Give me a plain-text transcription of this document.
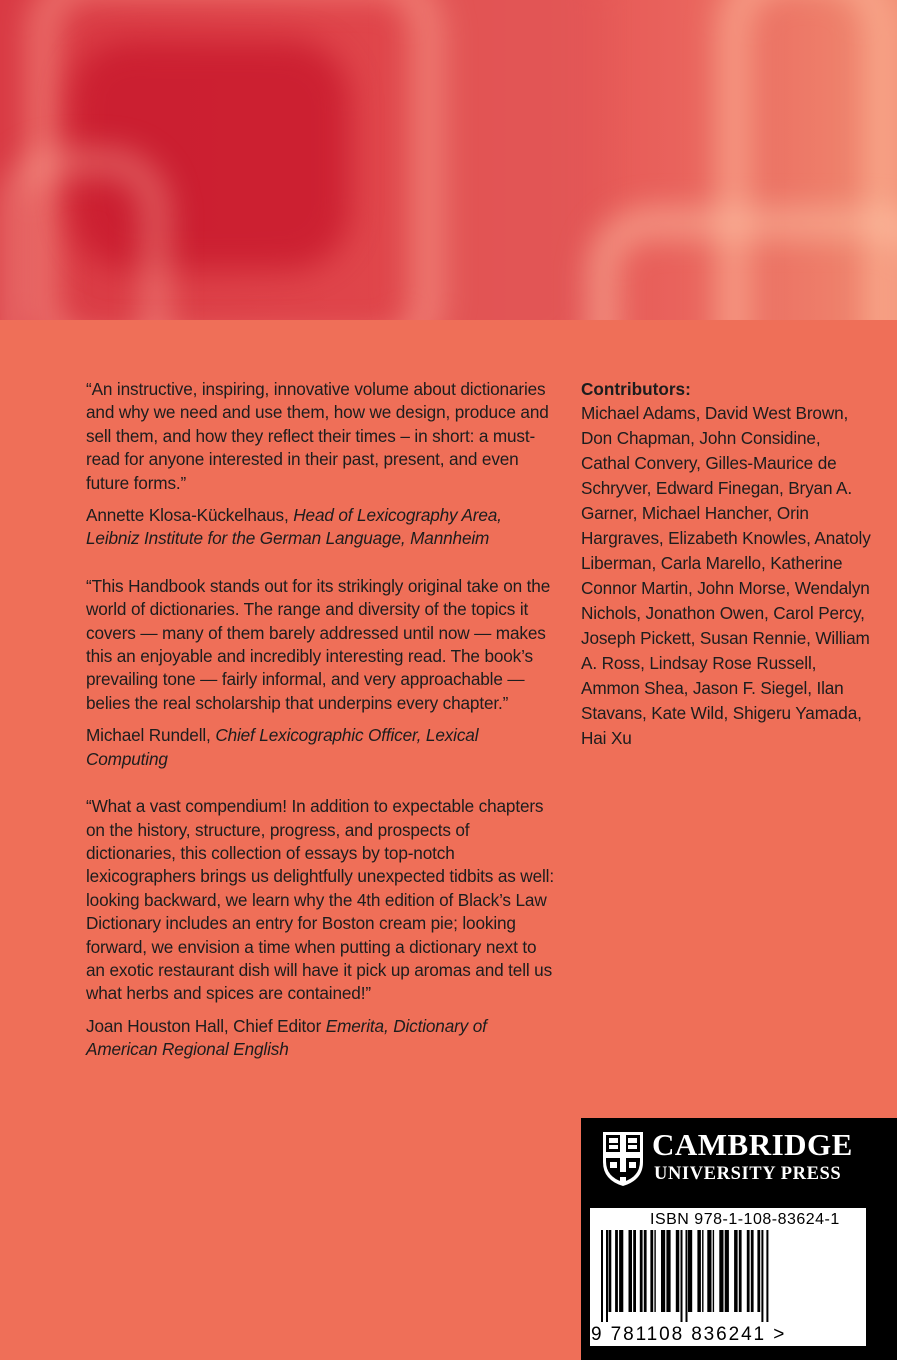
“An instructive, inspiring, innovative volume about dictionaries and why we need and use them, how we design, produce and sell them, and how they reflect their times – in short: a must-read for anyone interested in their past, present, and even future forms.”

Annette Klosa-Kückelhaus, Head of Lexicography Area, Leibniz Institute for the German Language, Mannheim

“This Handbook stands out for its strikingly original take on the world of dictionaries. The range and diversity of the topics it covers — many of them barely addressed until now — makes this an enjoyable and incredibly interesting read. The book’s prevailing tone — fairly informal, and very approachable — belies the real scholarship that underpins every chapter.”

Michael Rundell, Chief Lexicographic Officer, Lexical Computing

“What a vast compendium! In addition to expectable chapters on the history, structure, progress, and prospects of dictionaries, this collection of essays by top-notch lexicographers brings us delightfully unexpected tidbits as well: looking backward, we learn why the 4th edition of Black’s Law Dictionary includes an entry for Boston cream pie; looking forward, we envision a time when putting a dictionary next to an exotic restaurant dish will have it pick up aromas and tell us what herbs and spices are contained!”

Joan Houston Hall, Chief Editor Emerita, Dictionary of American Regional English

Contributors:

Michael Adams, David West Brown, Don Chapman, John Considine, Cathal Convery, Gilles-Maurice de Schryver, Edward Finegan, Bryan A. Garner, Michael Hancher, Orin Hargraves, Elizabeth Knowles, Anatoly Liberman, Carla Marello, Katherine Connor Martin, John Morse, Wendalyn Nichols, Jonathon Owen, Carol Percy, Joseph Pickett, Susan Rennie, William A. Ross, Lindsay Rose Russell, Ammon Shea, Jason F. Siegel, Ilan Stavans, Kate Wild, Shigeru Yamada, Hai Xu

CAMBRIDGE
UNIVERSITY PRESS
ISBN 978-1-108-83624-1
9 781108 836241 >
